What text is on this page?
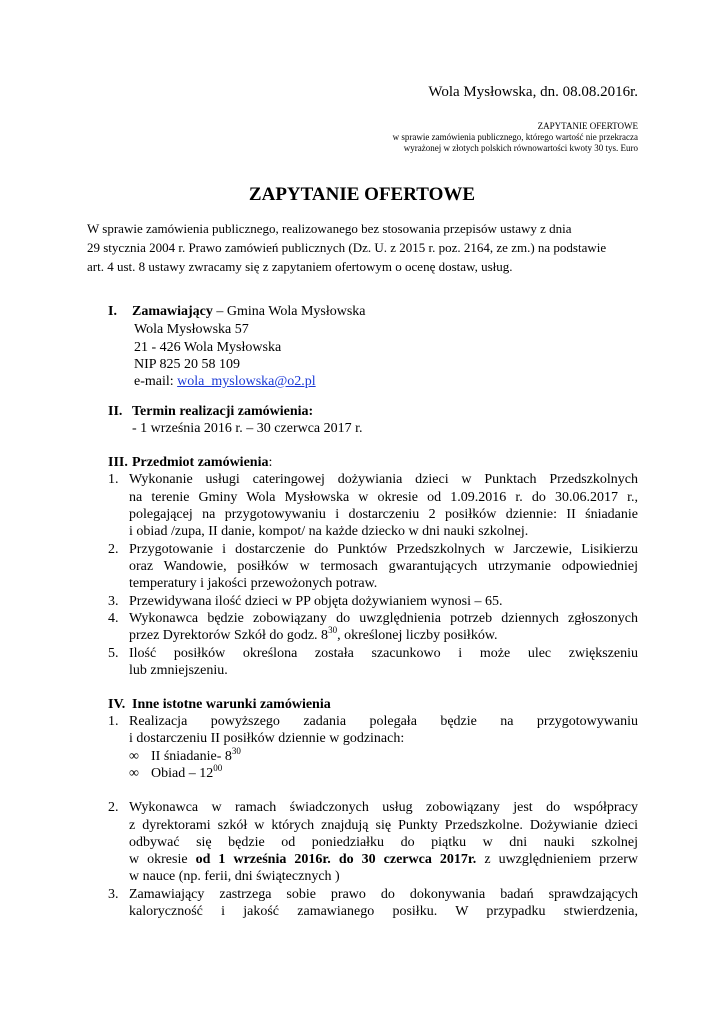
Wola Mysłowska, dn. 08.08.2016r.
ZAPYTANIE OFERTOWE
w sprawie zamówienia publicznego, którego wartość nie przekracza
wyrażonej w złotych polskich równowartości kwoty 30 tys. Euro
ZAPYTANIE OFERTOWE
W sprawie zamówienia publicznego, realizowanego bez stosowania przepisów ustawy z dnia
29 stycznia 2004 r. Prawo zamówień publicznych (Dz. U. z 2015 r. poz. 2164, ze zm.) na podstawie
art. 4 ust. 8 ustawy zwracamy się z zapytaniem ofertowym o ocenę dostaw, usług.
I. Zamawiający – Gmina Wola Mysłowska
Wola Mysłowska 57
21 - 426 Wola Mysłowska
NIP 825 20 58 109
e-mail: wola_myslowska@o2.pl
II. Termin realizacji zamówienia:
- 1 września 2016 r. – 30 czerwca 2017 r.
III. Przedmiot zamówienia:
1. Wykonanie usługi cateringowej dożywiania dzieci w Punktach Przedszkolnych
na terenie Gminy Wola Mysłowska w okresie od 1.09.2016 r. do 30.06.2017 r.,
polegającej na przygotowywaniu i dostarczeniu 2 posiłków dziennie: II śniadanie
i obiad /zupa, II danie, kompot/ na każde dziecko w dni nauki szkolnej.
2. Przygotowanie i dostarczenie do Punktów Przedszkolnych w Jarczewie, Lisikierzu
oraz Wandowie, posiłków w termosach gwarantujących utrzymanie odpowiedniej
temperatury i jakości przewożonych potraw.
3. Przewidywana ilość dzieci w PP objęta dożywianiem wynosi – 65.
4. Wykonawca będzie zobowiązany do uwzględnienia potrzeb dziennych zgłoszonych
przez Dyrektorów Szkół do godz. $8^{30}$, określonej liczby posiłków.
5. Ilość posiłków określona została szacunkowo i może ulec zwiększeniu
lub zmniejszeniu.
IV. Inne istotne warunki zamówienia
1. Realizacja powyższego zadania polegała będzie na przygotowywaniu
i dostarczeniu II posiłków dziennie w godzinach:
∞ II śniadanie- $8^{30}$
∞ Obiad – $12^{00}$
2. Wykonawca w ramach świadczonych usług zobowiązany jest do współpracy
z dyrektorami szkół w których znajdują się Punkty Przedszkolne. Dożywianie dzieci
odbywać się będzie od poniedziałku do piątku w dni nauki szkolnej
w okresie od 1 września 2016r. do 30 czerwca 2017r. z uwzględnieniem przerw
w nauce (np. ferii, dni świątecznych )
3. Zamawiający zastrzega sobie prawo do dokonywania badań sprawdzających
kaloryczność i jakość zamawianego posiłku. W przypadku stwierdzenia,
